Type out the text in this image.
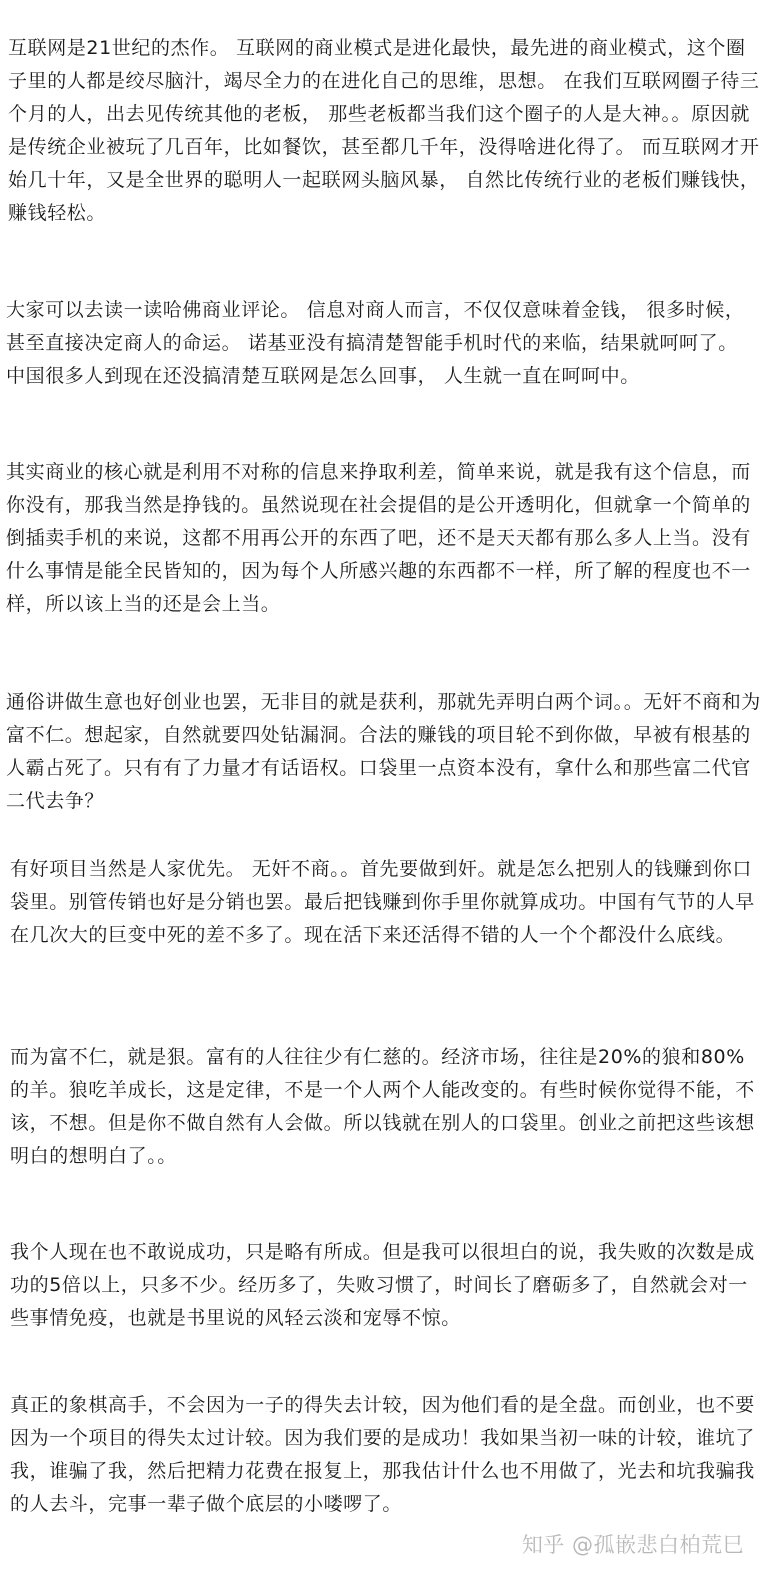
互联网是21世纪的杰作。 互联网的商业模式是进化最快，最先进的商业模式，这个圈子里的人都是绞尽脑汁，竭尽全力的在进化自己的思维，思想。 在我们互联网圈子待三个月的人，出去见传统其他的老板， 那些老板都当我们这个圈子的人是大神。。原因就是传统企业被玩了几百年，比如餐饮，甚至都几千年，没得啥进化得了。 而互联网才开始几十年，又是全世界的聪明人一起联网头脑风暴， 自然比传统行业的老板们赚钱快，赚钱轻松。

大家可以去读一读哈佛商业评论。 信息对商人而言，不仅仅意味着金钱， 很多时候，甚至直接决定商人的命运。 诺基亚没有搞清楚智能手机时代的来临，结果就呵呵了。 中国很多人到现在还没搞清楚互联网是怎么回事， 人生就一直在呵呵中。

其实商业的核心就是利用不对称的信息来挣取利差，简单来说，就是我有这个信息，而你没有，那我当然是挣钱的。虽然说现在社会提倡的是公开透明化，但就拿一个简单的倒插卖手机的来说，这都不用再公开的东西了吧，还不是天天都有那么多人上当。没有什么事情是能全民皆知的，因为每个人所感兴趣的东西都不一样，所了解的程度也不一样，所以该上当的还是会上当。

通俗讲做生意也好创业也罢，无非目的就是获利，那就先弄明白两个词。。无奸不商和为富不仁。想起家，自然就要四处钻漏洞。合法的赚钱的项目轮不到你做，早被有根基的人霸占死了。只有有了力量才有话语权。口袋里一点资本没有，拿什么和那些富二代官二代去争？

有好项目当然是人家优先。 无奸不商。。首先要做到奸。就是怎么把别人的钱赚到你口袋里。别管传销也好是分销也罢。最后把钱赚到你手里你就算成功。中国有气节的人早在几次大的巨变中死的差不多了。现在活下来还活得不错的人一个个都没什么底线。

而为富不仁，就是狠。富有的人往往少有仁慈的。经济市场，往往是20%的狼和80%的羊。狼吃羊成长，这是定律，不是一个人两个人能改变的。有些时候你觉得不能，不该，不想。但是你不做自然有人会做。所以钱就在别人的口袋里。创业之前把这些该想明白的想明白了。。

我个人现在也不敢说成功，只是略有所成。但是我可以很坦白的说，我失败的次数是成功的5倍以上，只多不少。经历多了，失败习惯了，时间长了磨砺多了，自然就会对一些事情免疫，也就是书里说的风轻云淡和宠辱不惊。

真正的象棋高手，不会因为一子的得失去计较，因为他们看的是全盘。而创业，也不要因为一个项目的得失太过计较。因为我们要的是成功！我如果当初一味的计较，谁坑了我，谁骗了我，然后把精力花费在报复上，那我估计什么也不用做了，光去和坑我骗我的人去斗，完事一辈子做个底层的小喽啰了。

知乎 @孤嵌悲白柏荒巳
